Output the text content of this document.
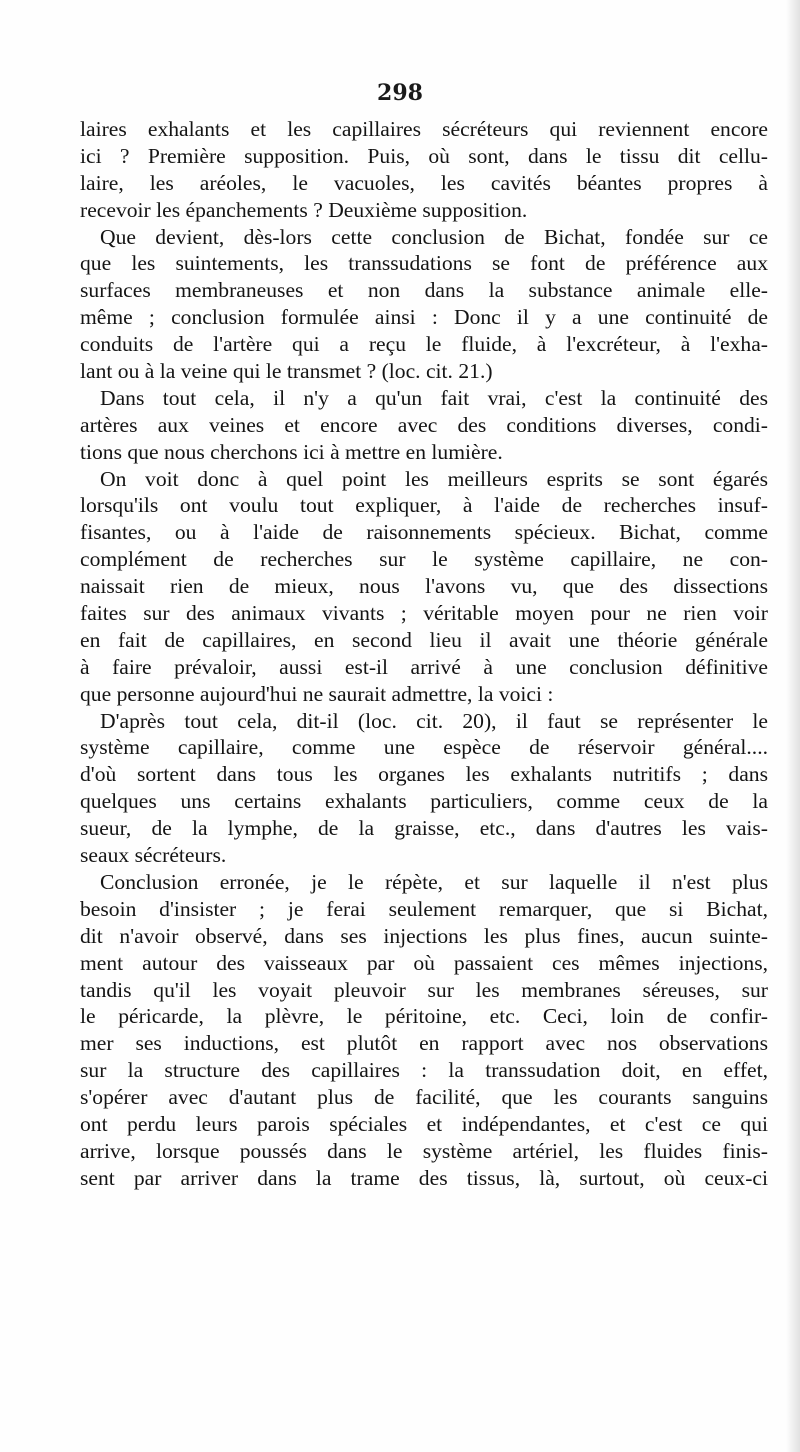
298
laires exhalants et les capillaires sécréteurs qui reviennent encore
ici ? Première supposition. Puis, où sont, dans le tissu dit cellu-
laire, les aréoles, le vacuoles, les cavités béantes propres à
recevoir les épanchements ? Deuxième supposition.
Que devient, dès-lors cette conclusion de Bichat, fondée sur ce
que les suintements, les transsudations se font de préférence aux
surfaces membraneuses et non dans la substance animale elle-
même ; conclusion formulée ainsi : Donc il y a une continuité de
conduits de l'artère qui a reçu le fluide, à l'excréteur, à l'exha-
lant ou à la veine qui le transmet ? (loc. cit. 21.)
Dans tout cela, il n'y a qu'un fait vrai, c'est la continuité des
artères aux veines et encore avec des conditions diverses, condi-
tions que nous cherchons ici à mettre en lumière.
On voit donc à quel point les meilleurs esprits se sont égarés
lorsqu'ils ont voulu tout expliquer, à l'aide de recherches insuf-
fisantes, ou à l'aide de raisonnements spécieux. Bichat, comme
complément de recherches sur le système capillaire, ne con-
naissait rien de mieux, nous l'avons vu, que des dissections
faites sur des animaux vivants ; véritable moyen pour ne rien voir
en fait de capillaires, en second lieu il avait une théorie générale
à faire prévaloir, aussi est-il arrivé à une conclusion définitive
que personne aujourd'hui ne saurait admettre, la voici :
D'après tout cela, dit-il (loc. cit. 20), il faut se représenter le
système capillaire, comme une espèce de réservoir général....
d'où sortent dans tous les organes les exhalants nutritifs ; dans
quelques uns certains exhalants particuliers, comme ceux de la
sueur, de la lymphe, de la graisse, etc., dans d'autres les vais-
seaux sécréteurs.
Conclusion erronée, je le répète, et sur laquelle il n'est plus
besoin d'insister ; je ferai seulement remarquer, que si Bichat,
dit n'avoir observé, dans ses injections les plus fines, aucun suinte-
ment autour des vaisseaux par où passaient ces mêmes injections,
tandis qu'il les voyait pleuvoir sur les membranes séreuses, sur
le péricarde, la plèvre, le péritoine, etc. Ceci, loin de confir-
mer ses inductions, est plutôt en rapport avec nos observations
sur la structure des capillaires : la transsudation doit, en effet,
s'opérer avec d'autant plus de facilité, que les courants sanguins
ont perdu leurs parois spéciales et indépendantes, et c'est ce qui
arrive, lorsque poussés dans le système artériel, les fluides finis-
sent par arriver dans la trame des tissus, là, surtout, où ceux-ci
